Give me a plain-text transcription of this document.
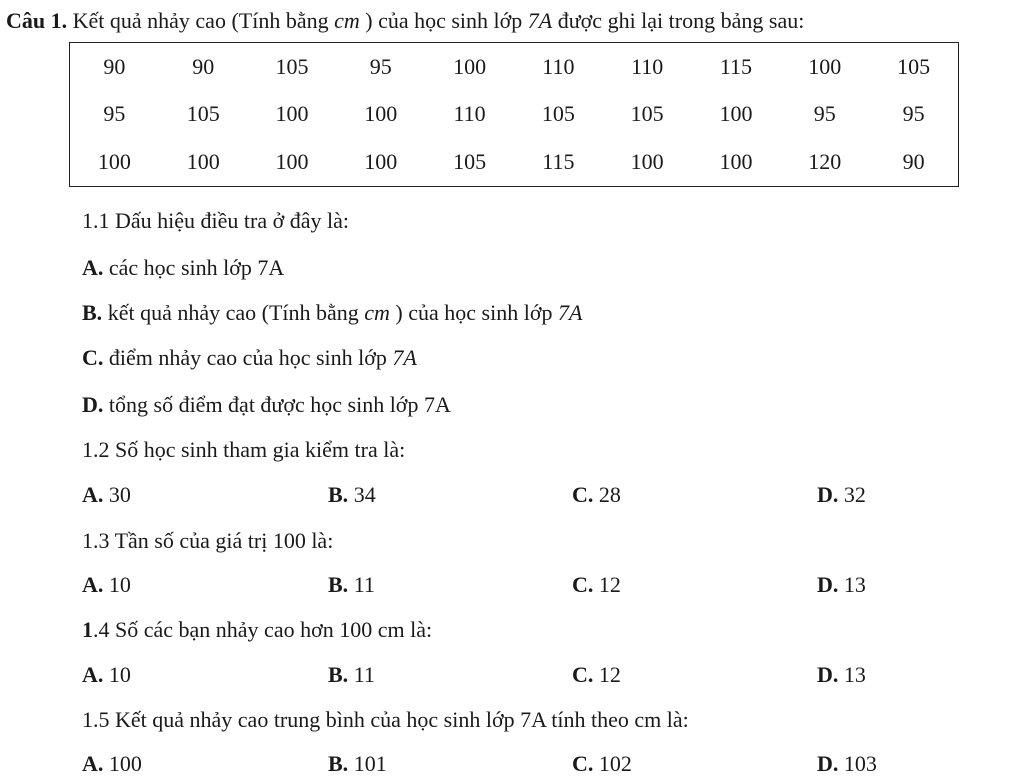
Câu 1. Kết quả nhảy cao (Tính bằng cm ) của học sinh lớp 7A được ghi lại trong bảng sau:
90	90	105	95	100	110	110	115	100	105
95	105	100	100	110	105	105	100	95	95
100	100	100	100	105	115	100	100	120	90
1.1 Dấu hiệu điều tra ở đây là:
A. các học sinh lớp 7A
B. kết quả nhảy cao (Tính bằng cm ) của học sinh lớp 7A
C. điểm nhảy cao của học sinh lớp 7A
D. tổng số điểm đạt được học sinh lớp 7A
1.2 Số học sinh tham gia kiểm tra là:
A. 30	B. 34	C. 28	D. 32
1.3 Tần số của giá trị 100 là:
A. 10	B. 11	C. 12	D. 13
1.4 Số các bạn nhảy cao hơn 100 cm là:
A. 10	B. 11	C. 12	D. 13
1.5 Kết quả nhảy cao trung bình của học sinh lớp 7A tính theo cm là:
A. 100	B. 101	C. 102	D. 103
